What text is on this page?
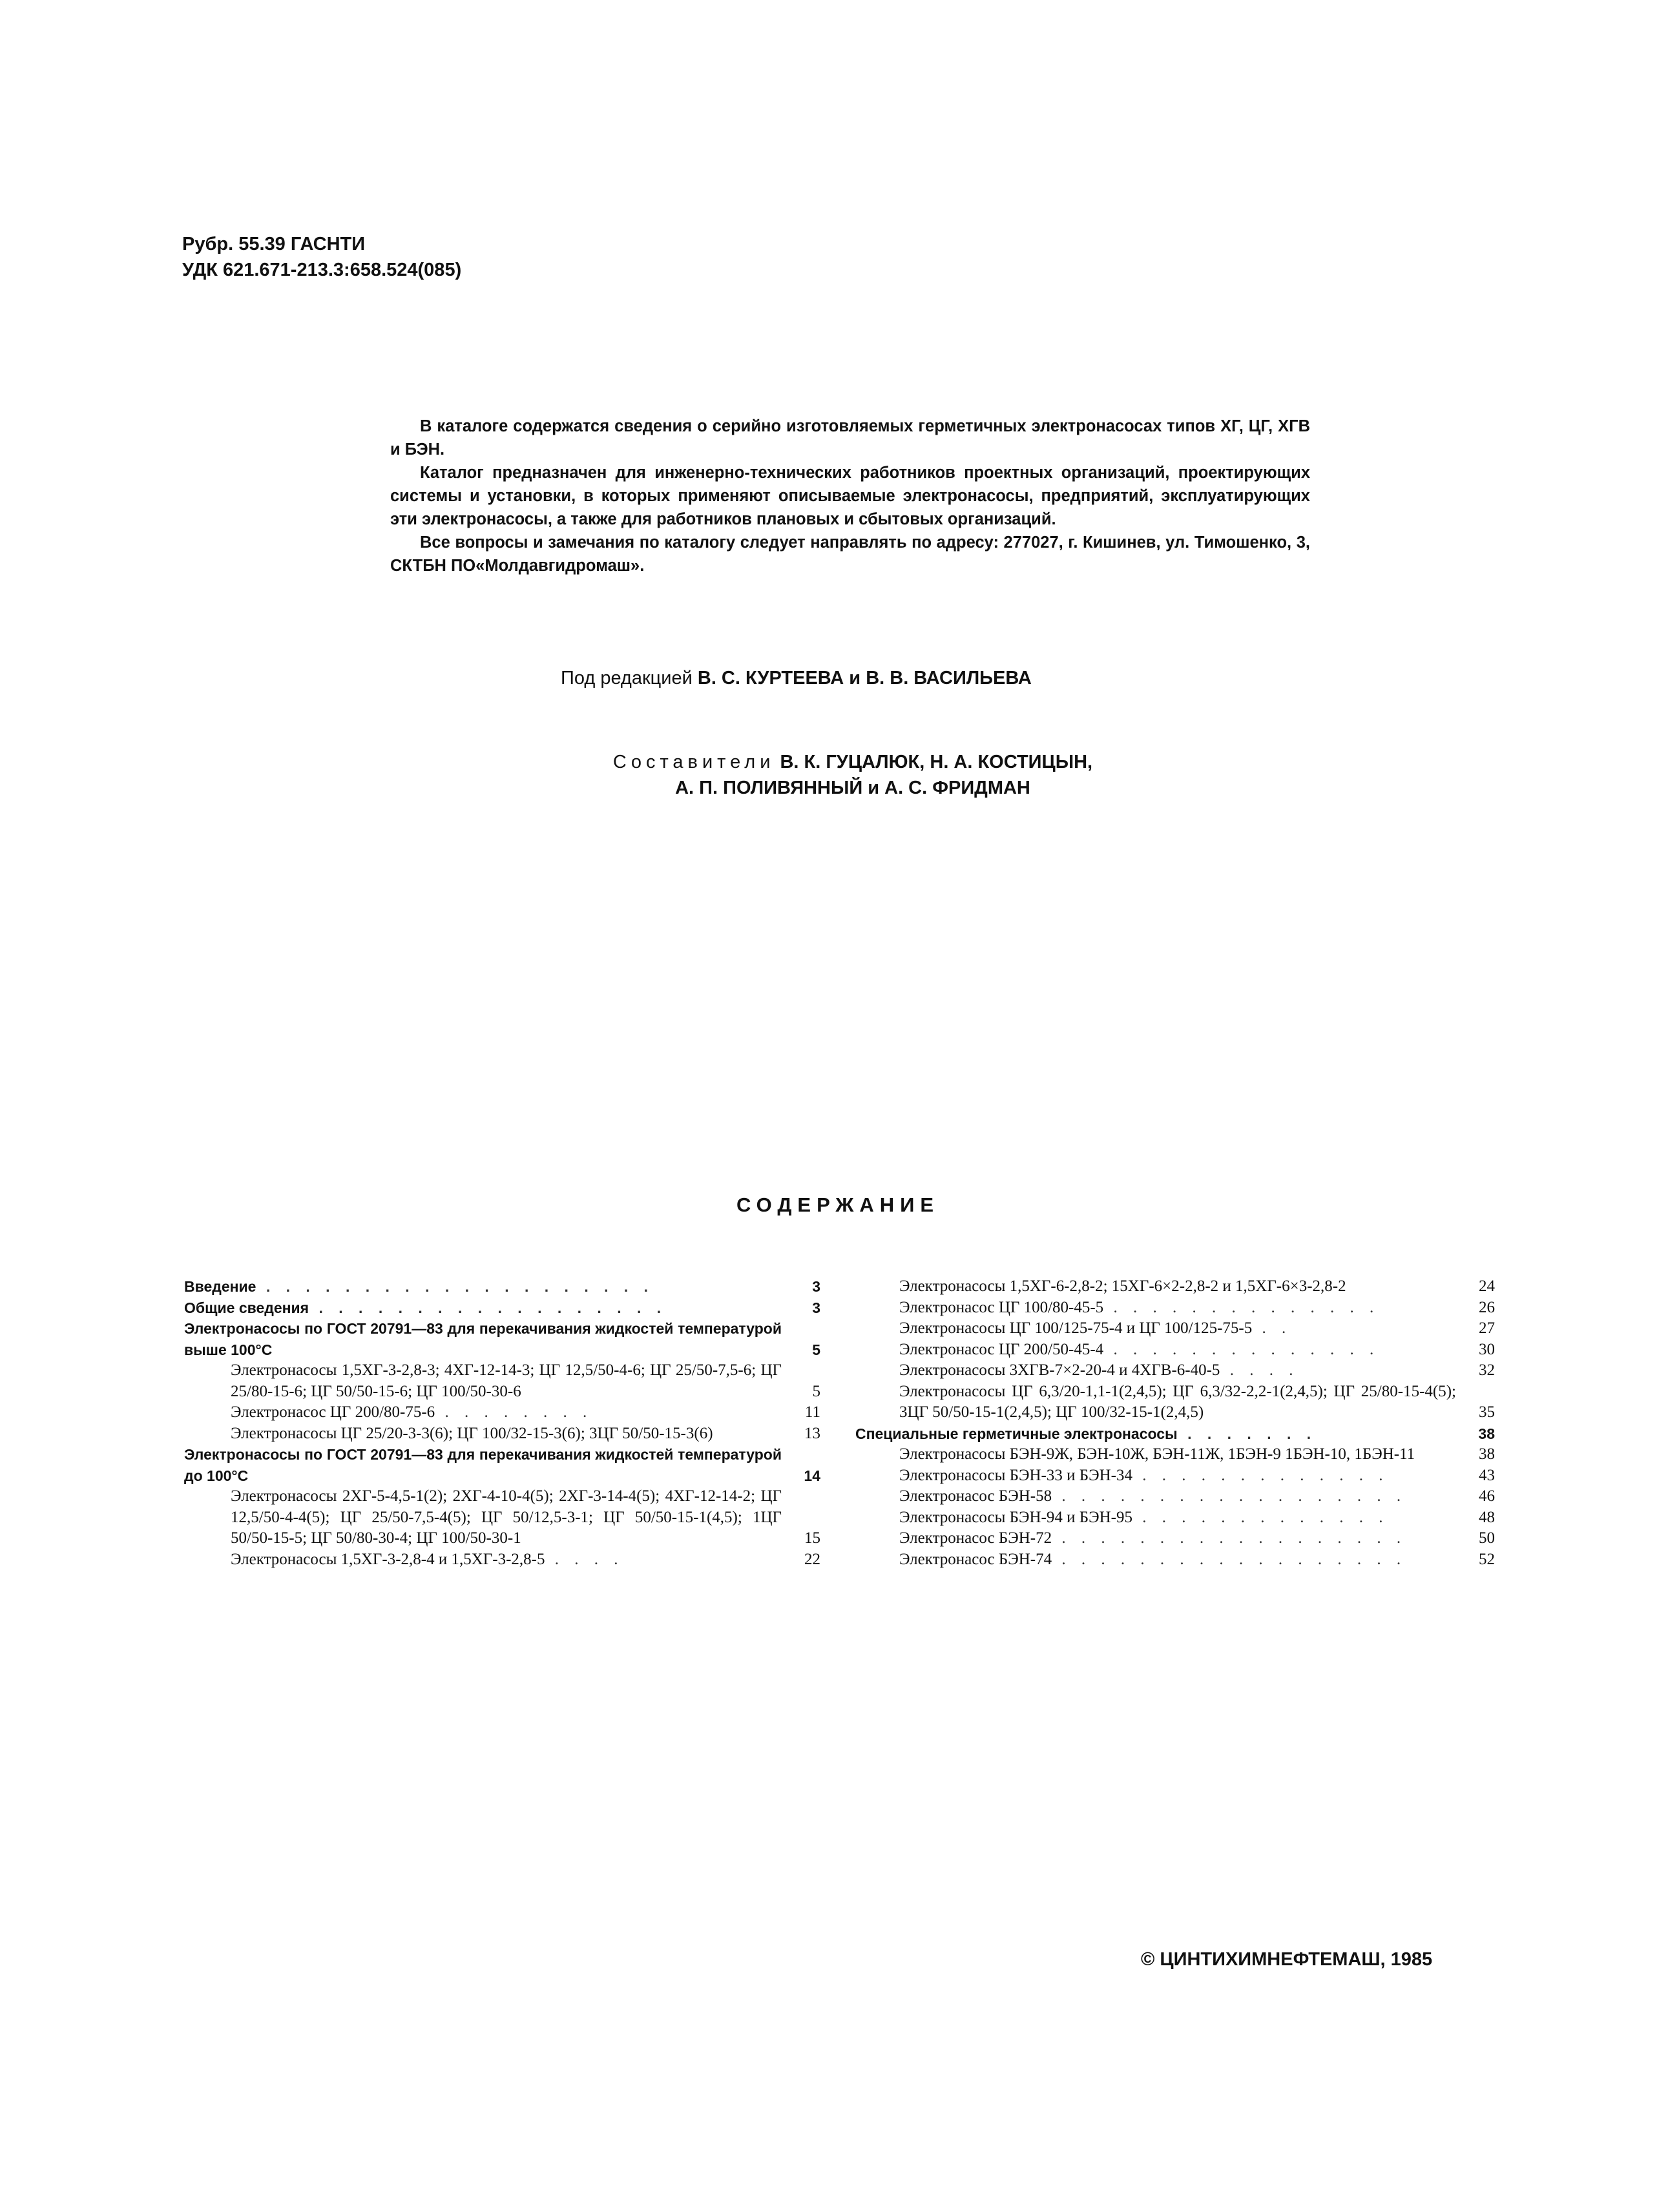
Рубр. 55.39 ГАСНТИ
УДК 621.671-213.3:658.524(085)

В каталоге содержатся сведения о серийно изготовляемых герметичных электронасосах типов ХГ, ЦГ, ХГВ и БЭН.

Каталог предназначен для инженерно-технических работников проектных организаций, проектирующих системы и установки, в которых применяют описываемые электронасосы, предприятий, эксплуатирующих эти электронасосы, а также для работников плановых и сбытовых организаций.

Все вопросы и замечания по каталогу следует направлять по адресу: 277027, г. Кишинев, ул. Тимошенко, 3, СКТБН ПО«Молдавгидромаш».

Под редакцией В. С. КУРТЕЕВА и В. В. ВАСИЛЬЕВА
Составители В. К. ГУЦАЛЮК, Н. А. КОСТИЦЫН,
А. П. ПОЛИВЯННЫЙ и А. С. ФРИДМАН
СОДЕРЖАНИЕ
Введение . . . . . . . . . . . . . . . . . . . .	3
Общие сведения . . . . . . . . . . . . . . . . . .	3
Электронасосы по ГОСТ 20791—83 для перекачивания жидкостей температурой выше 100°С	5
Электронасосы 1,5ХГ-3-2,8-3; 4ХГ-12-14-3; ЦГ 12,5/50-4-6; ЦГ 25/50-7,5-6; ЦГ 25/80-15-6; ЦГ 50/50-15-6; ЦГ 100/50-30-6	5
Электронасос ЦГ 200/80-75-6 . . . . . . . .	11
Электронасосы ЦГ 25/20-3-3(6); ЦГ 100/32-15-3(6); 3ЦГ 50/50-15-3(6)	13
Электронасосы по ГОСТ 20791—83 для перекачивания жидкостей температурой до 100°С	14
Электронасосы 2ХГ-5-4,5-1(2); 2ХГ-4-10-4(5); 2ХГ-3-14-4(5); 4ХГ-12-14-2; ЦГ 12,5/50-4-4(5); ЦГ 25/50-7,5-4(5); ЦГ 50/12,5-3-1; ЦГ 50/50-15-1(4,5); 1ЦГ 50/50-15-5; ЦГ 50/80-30-4; ЦГ 100/50-30-1	15
Электронасосы 1,5ХГ-3-2,8-4 и 1,5ХГ-3-2,8-5 . . . .	22
Электронасосы 1,5ХГ-6-2,8-2; 15ХГ-6×2-2,8-2 и 1,5ХГ-6×3-2,8-2	24
Электронасос ЦГ 100/80-45-5 . . . . . . . . . . . . . .	26
Электронасосы ЦГ 100/125-75-4 и ЦГ 100/125-75-5 . .	27
Электронасос ЦГ 200/50-45-4 . . . . . . . . . . . . . .	30
Электронасосы 3ХГВ-7×2-20-4 и 4ХГВ-6-40-5 . . . .	32
Электронасосы ЦГ 6,3/20-1,1-1(2,4,5); ЦГ 6,3/32-2,2-1(2,4,5); ЦГ 25/80-15-4(5); 3ЦГ 50/50-15-1(2,4,5); ЦГ 100/32-15-1(2,4,5)	35
Специальные герметичные электронасосы . . . . . . .	38
Электронасосы БЭН-9Ж, БЭН-10Ж, БЭН-11Ж, 1БЭН-9 1БЭН-10, 1БЭН-11	38
Электронасосы БЭН-33 и БЭН-34 . . . . . . . . . . . . .	43
Электронасос БЭН-58 . . . . . . . . . . . . . . . . . .	46
Электронасосы БЭН-94 и БЭН-95 . . . . . . . . . . . . .	48
Электронасос БЭН-72 . . . . . . . . . . . . . . . . . .	50
Электронасос БЭН-74 . . . . . . . . . . . . . . . . . .	52
© ЦИНТИХИМНЕФТЕМАШ, 1985
